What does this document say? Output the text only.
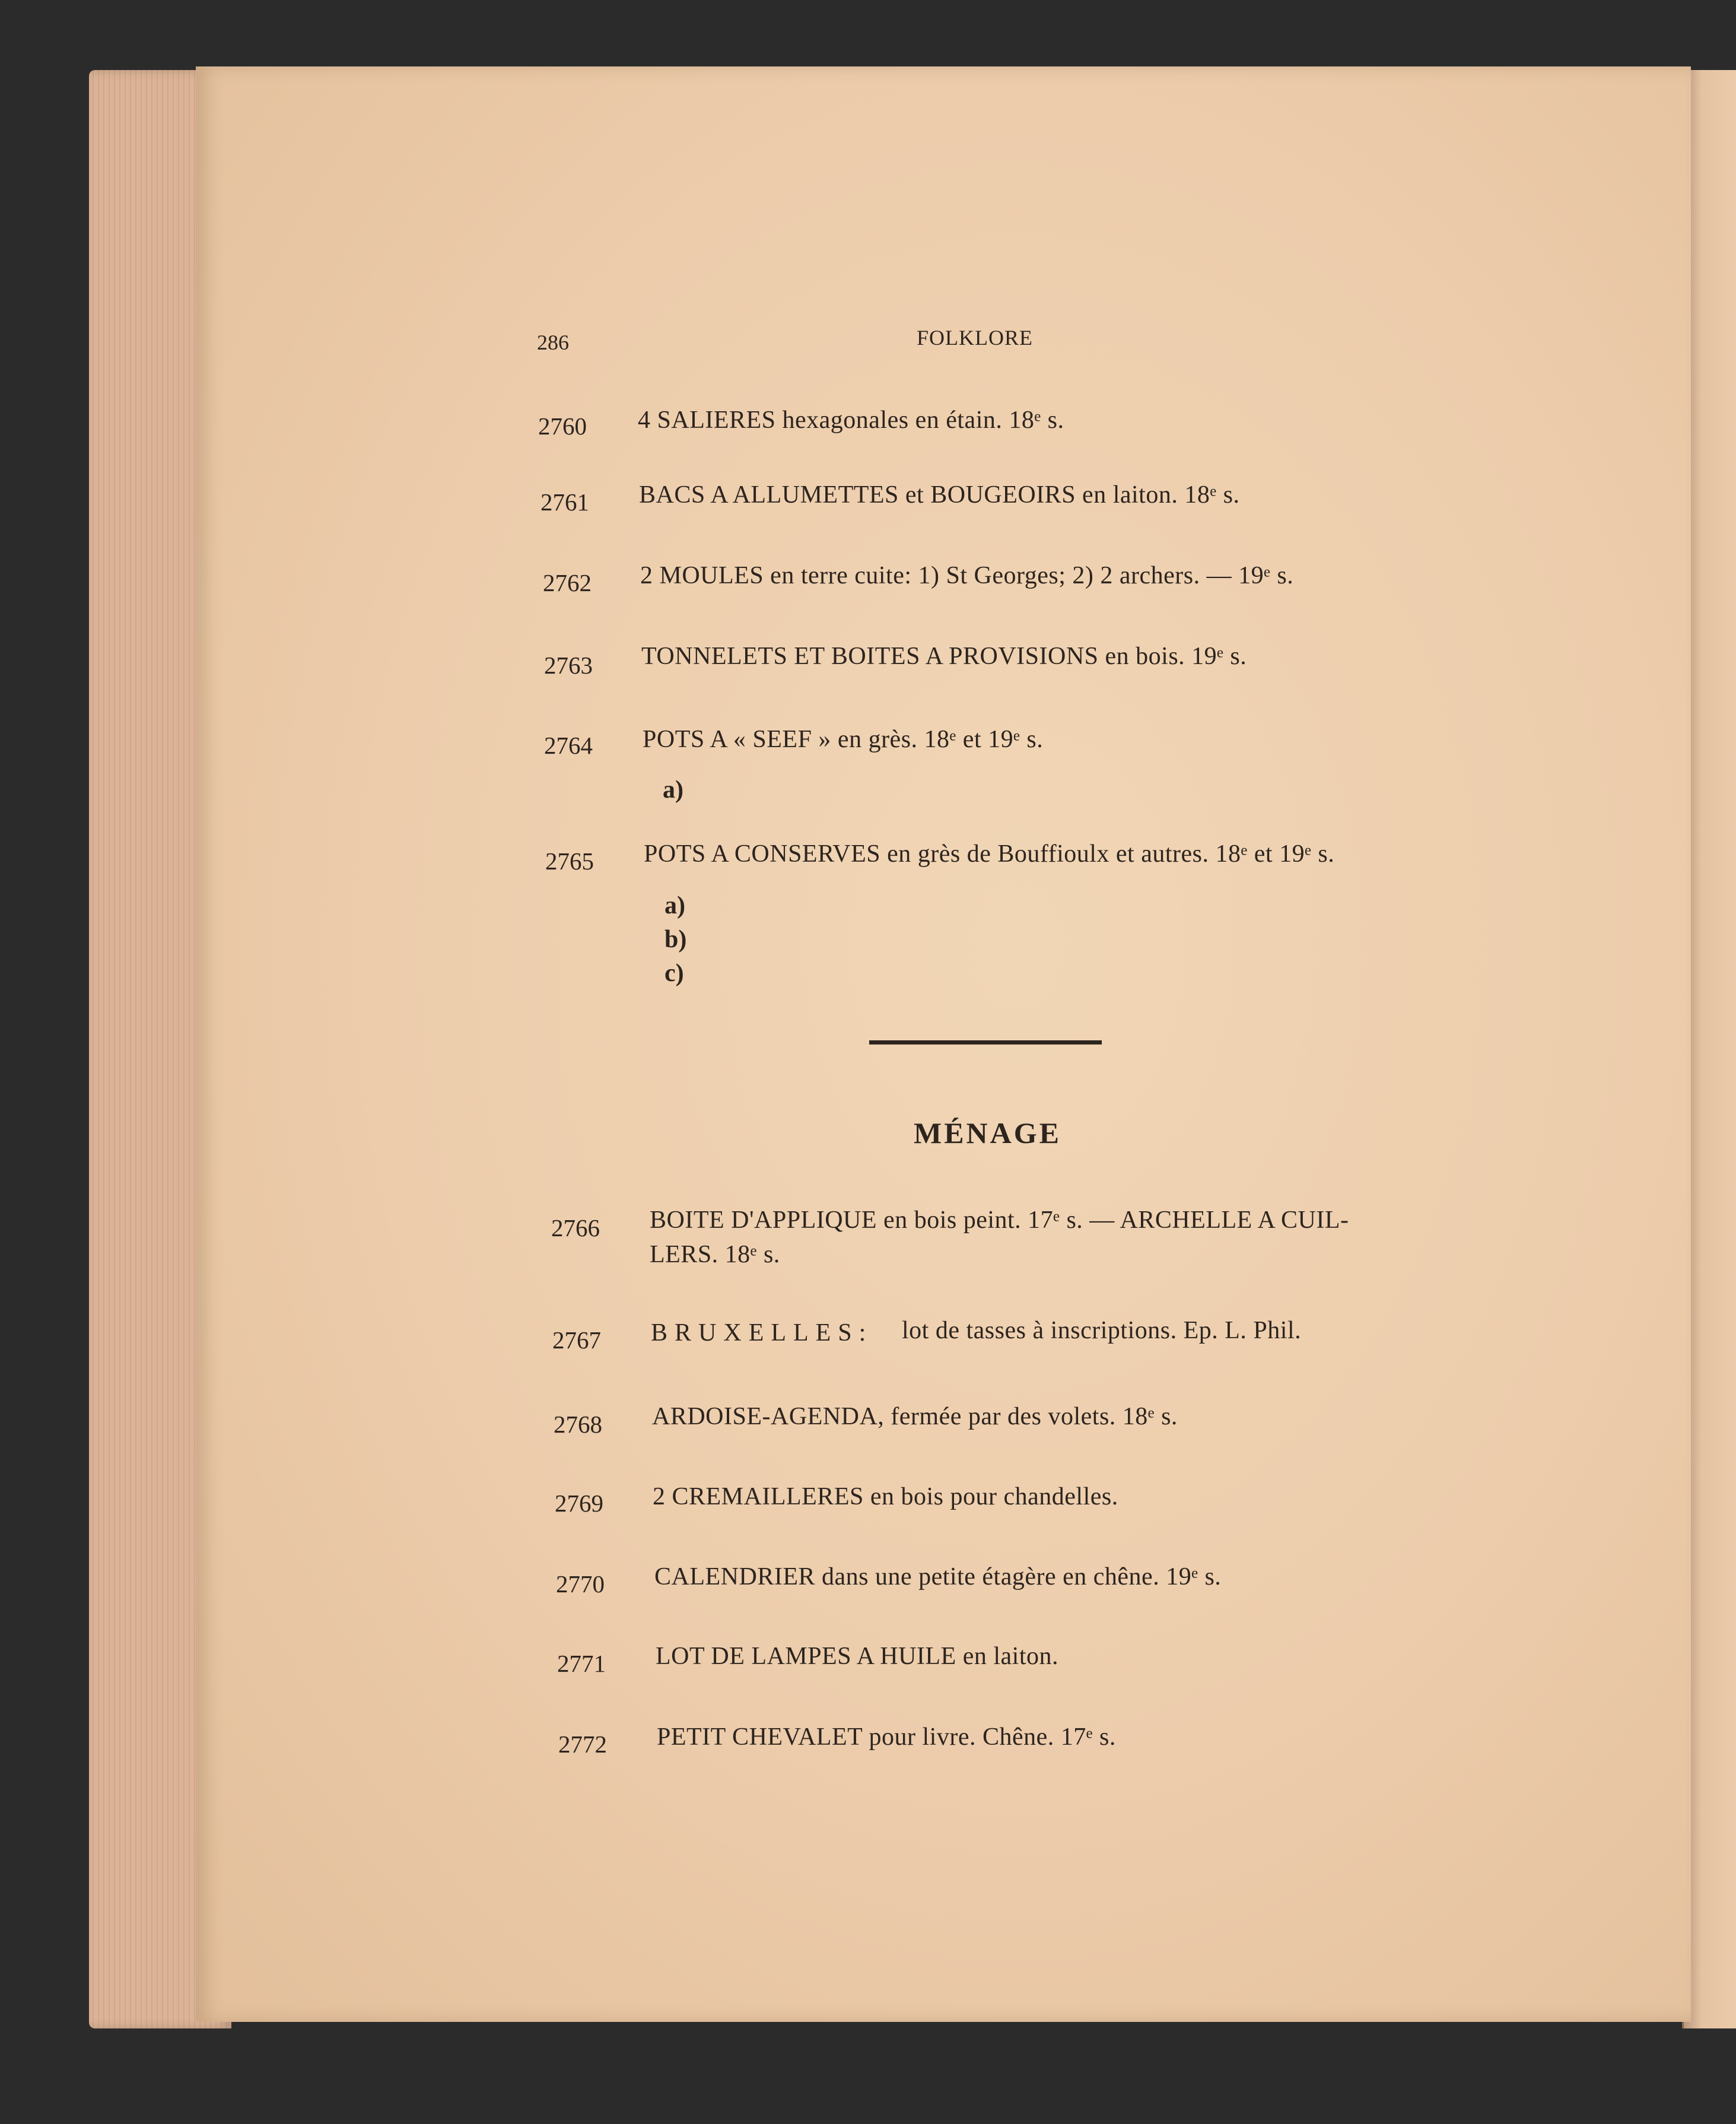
286	FOLKLORE
2760 4 SALIERES hexagonales en étain. 18ᵉ s.
2761 BACS A ALLUMETTES et BOUGEOIRS en laiton. 18ᵉ s.
2762 2 MOULES en terre cuite: 1) St Georges; 2) 2 archers. — 19ᵉ s.
2763 TONNELETS ET BOITES A PROVISIONS en bois. 19ᵉ s.
2764 POTS A « SEEF » en grès. 18ᵉ et 19ᵉ s.
a)
2765 POTS A CONSERVES en grès de Bouffioulx et autres. 18ᵉ et 19ᵉ s.
a)
b)
c)
MÉNAGE
2766 BOITE D'APPLIQUE en bois peint. 17ᵉ s. — ARCHELLE A CUIL-
LERS. 18ᵉ s.
2767 BRUXELLES: lot de tasses à inscriptions. Ep. L. Phil.
2768 ARDOISE-AGENDA, fermée par des volets. 18ᵉ s.
2769 2 CREMAILLERES en bois pour chandelles.
2770 CALENDRIER dans une petite étagère en chêne. 19ᵉ s.
2771 LOT DE LAMPES A HUILE en laiton.
2772 PETIT CHEVALET pour livre. Chêne. 17ᵉ s.
